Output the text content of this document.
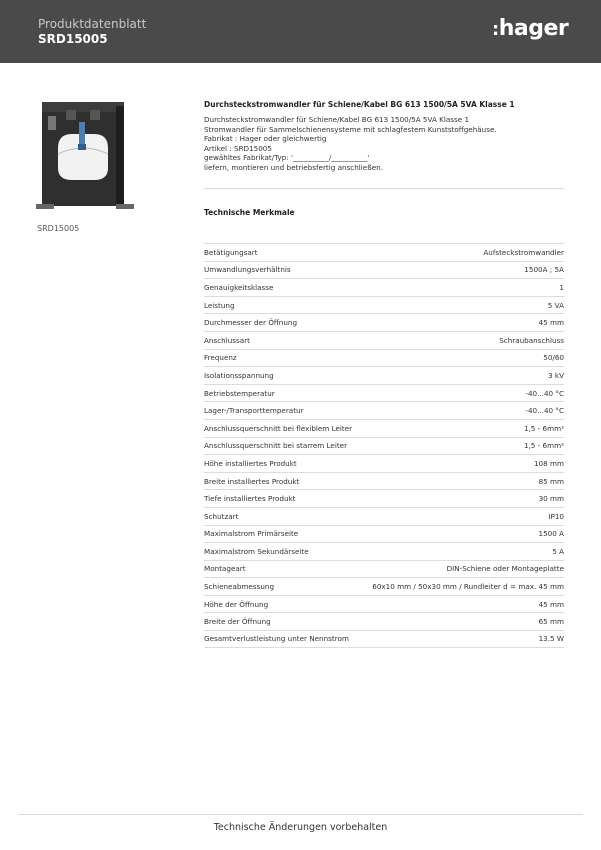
Produktdatenblatt
SRD15005	:hager
SRD15005
Durchsteckstromwandler für Schiene/Kabel BG 613 1500/5A 5VA Klasse 1
Durchsteckstromwandler für Schiene/Kabel BG 613 1500/5A 5VA Klasse 1
Stromwandler für Sammelschienensysteme mit schlagfestem Kunststoffgehäuse.
Fabrikat : Hager oder gleichwertig
Artikel : SRD15005
gewähltes Fabrikat/Typ: '__________/__________'
liefern, montieren und betriebsfertig anschließen.
Technische Merkmale
Betätigungsart	Aufsteckstromwandler
Umwandlungsverhältnis	1500A ; 5A
Genauigkeitsklasse	1
Leistung	5 VA
Durchmesser der Öffnung	45 mm
Anschlussart	Schraubanschluss
Frequenz	50/60
Isolationsspannung	3 kV
Betriebstemperatur	-40...40 °C
Lager-/Transporttemperatur	-40...40 °C
Anschlussquerschnitt bei flexiblem Leiter	1,5 - 6mm²
Anschlussquerschnitt bei starrem Leiter	1,5 - 6mm²
Höhe installiertes Produkt	108 mm
Breite installiertes Produkt	85 mm
Tiefe installiertes Produkt	30 mm
Schutzart	IP10
Maximalstrom Primärseite	1500 A
Maximalstrom Sekundärseite	5 A
Montageart	DIN-Schiene oder Montageplatte
Schieneabmessung	60x10 mm / 50x30 mm / Rundleiter d = max. 45 mm
Höhe der Öffnung	45 mm
Breite der Öffnung	65 mm
Gesamtverlustleistung unter Nennstrom	13.5 W
Technische Änderungen vorbehalten
